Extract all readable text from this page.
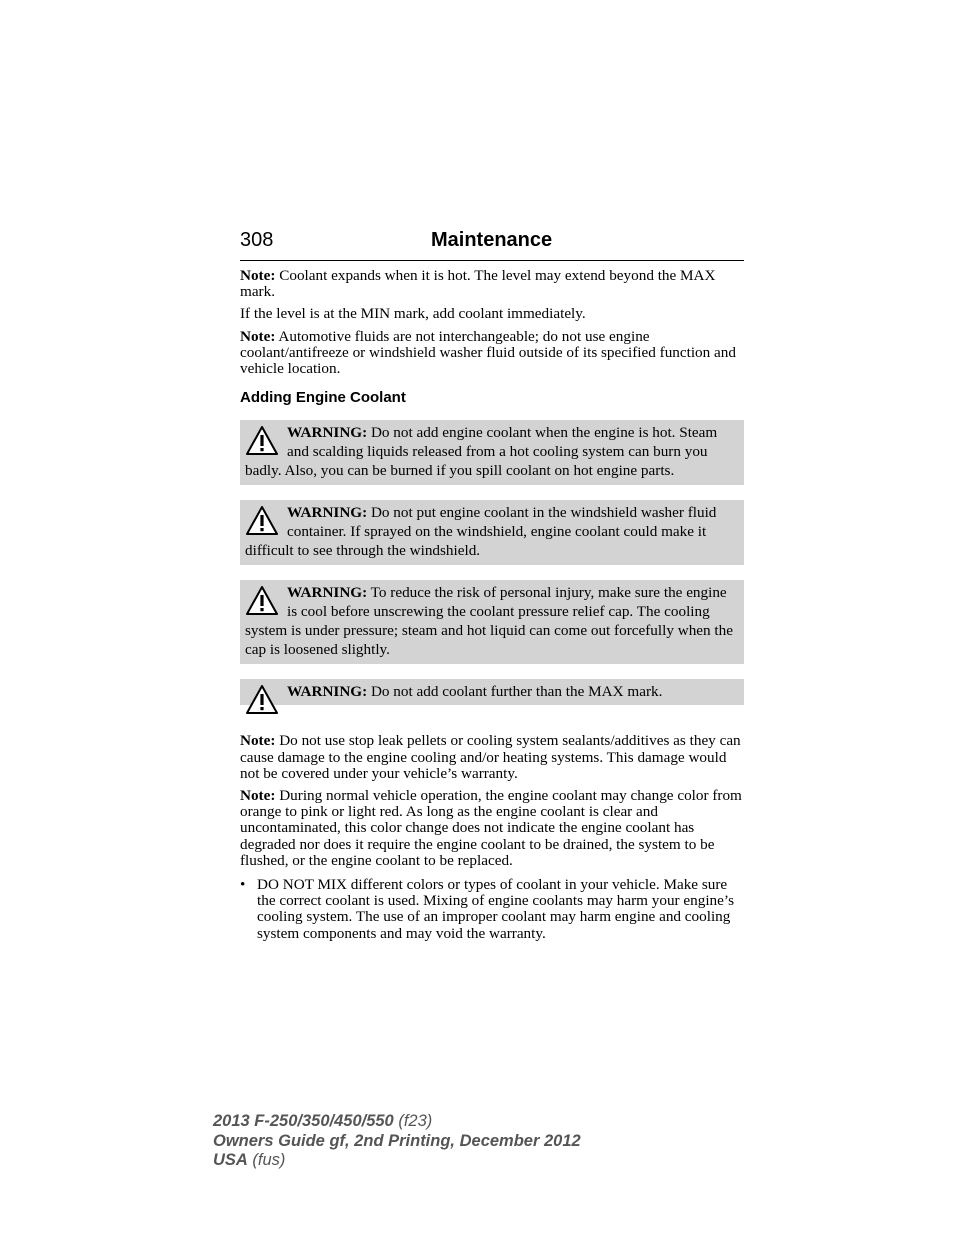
308	Maintenance

Note: Coolant expands when it is hot. The level may extend beyond the MAX mark.

If the level is at the MIN mark, add coolant immediately.

Note: Automotive fluids are not interchangeable; do not use engine coolant/antifreeze or windshield washer fluid outside of its specified function and vehicle location.

Adding Engine Coolant
WARNING: Do not add engine coolant when the engine is hot. Steam and scalding liquids released from a hot cooling system can burn you badly. Also, you can be burned if you spill coolant on hot engine parts.
WARNING: Do not put engine coolant in the windshield washer fluid container. If sprayed on the windshield, engine coolant could make it difficult to see through the windshield.
WARNING: To reduce the risk of personal injury, make sure the engine is cool before unscrewing the coolant pressure relief cap. The cooling system is under pressure; steam and hot liquid can come out forcefully when the cap is loosened slightly.
WARNING: Do not add coolant further than the MAX mark.

Note: Do not use stop leak pellets or cooling system sealants/additives as they can cause damage to the engine cooling and/or heating systems. This damage would not be covered under your vehicle’s warranty.

Note: During normal vehicle operation, the engine coolant may change color from orange to pink or light red. As long as the engine coolant is clear and uncontaminated, this color change does not indicate the engine coolant has degraded nor does it require the engine coolant to be drained, the system to be flushed, or the engine coolant to be replaced.

• DO NOT MIX different colors or types of coolant in your vehicle. Make sure the correct coolant is used. Mixing of engine coolants may harm your engine’s cooling system. The use of an improper coolant may harm engine and cooling system components and may void the warranty.
2013 F-250/350/450/550 (f23)
Owners Guide gf, 2nd Printing, December 2012
USA (fus)
